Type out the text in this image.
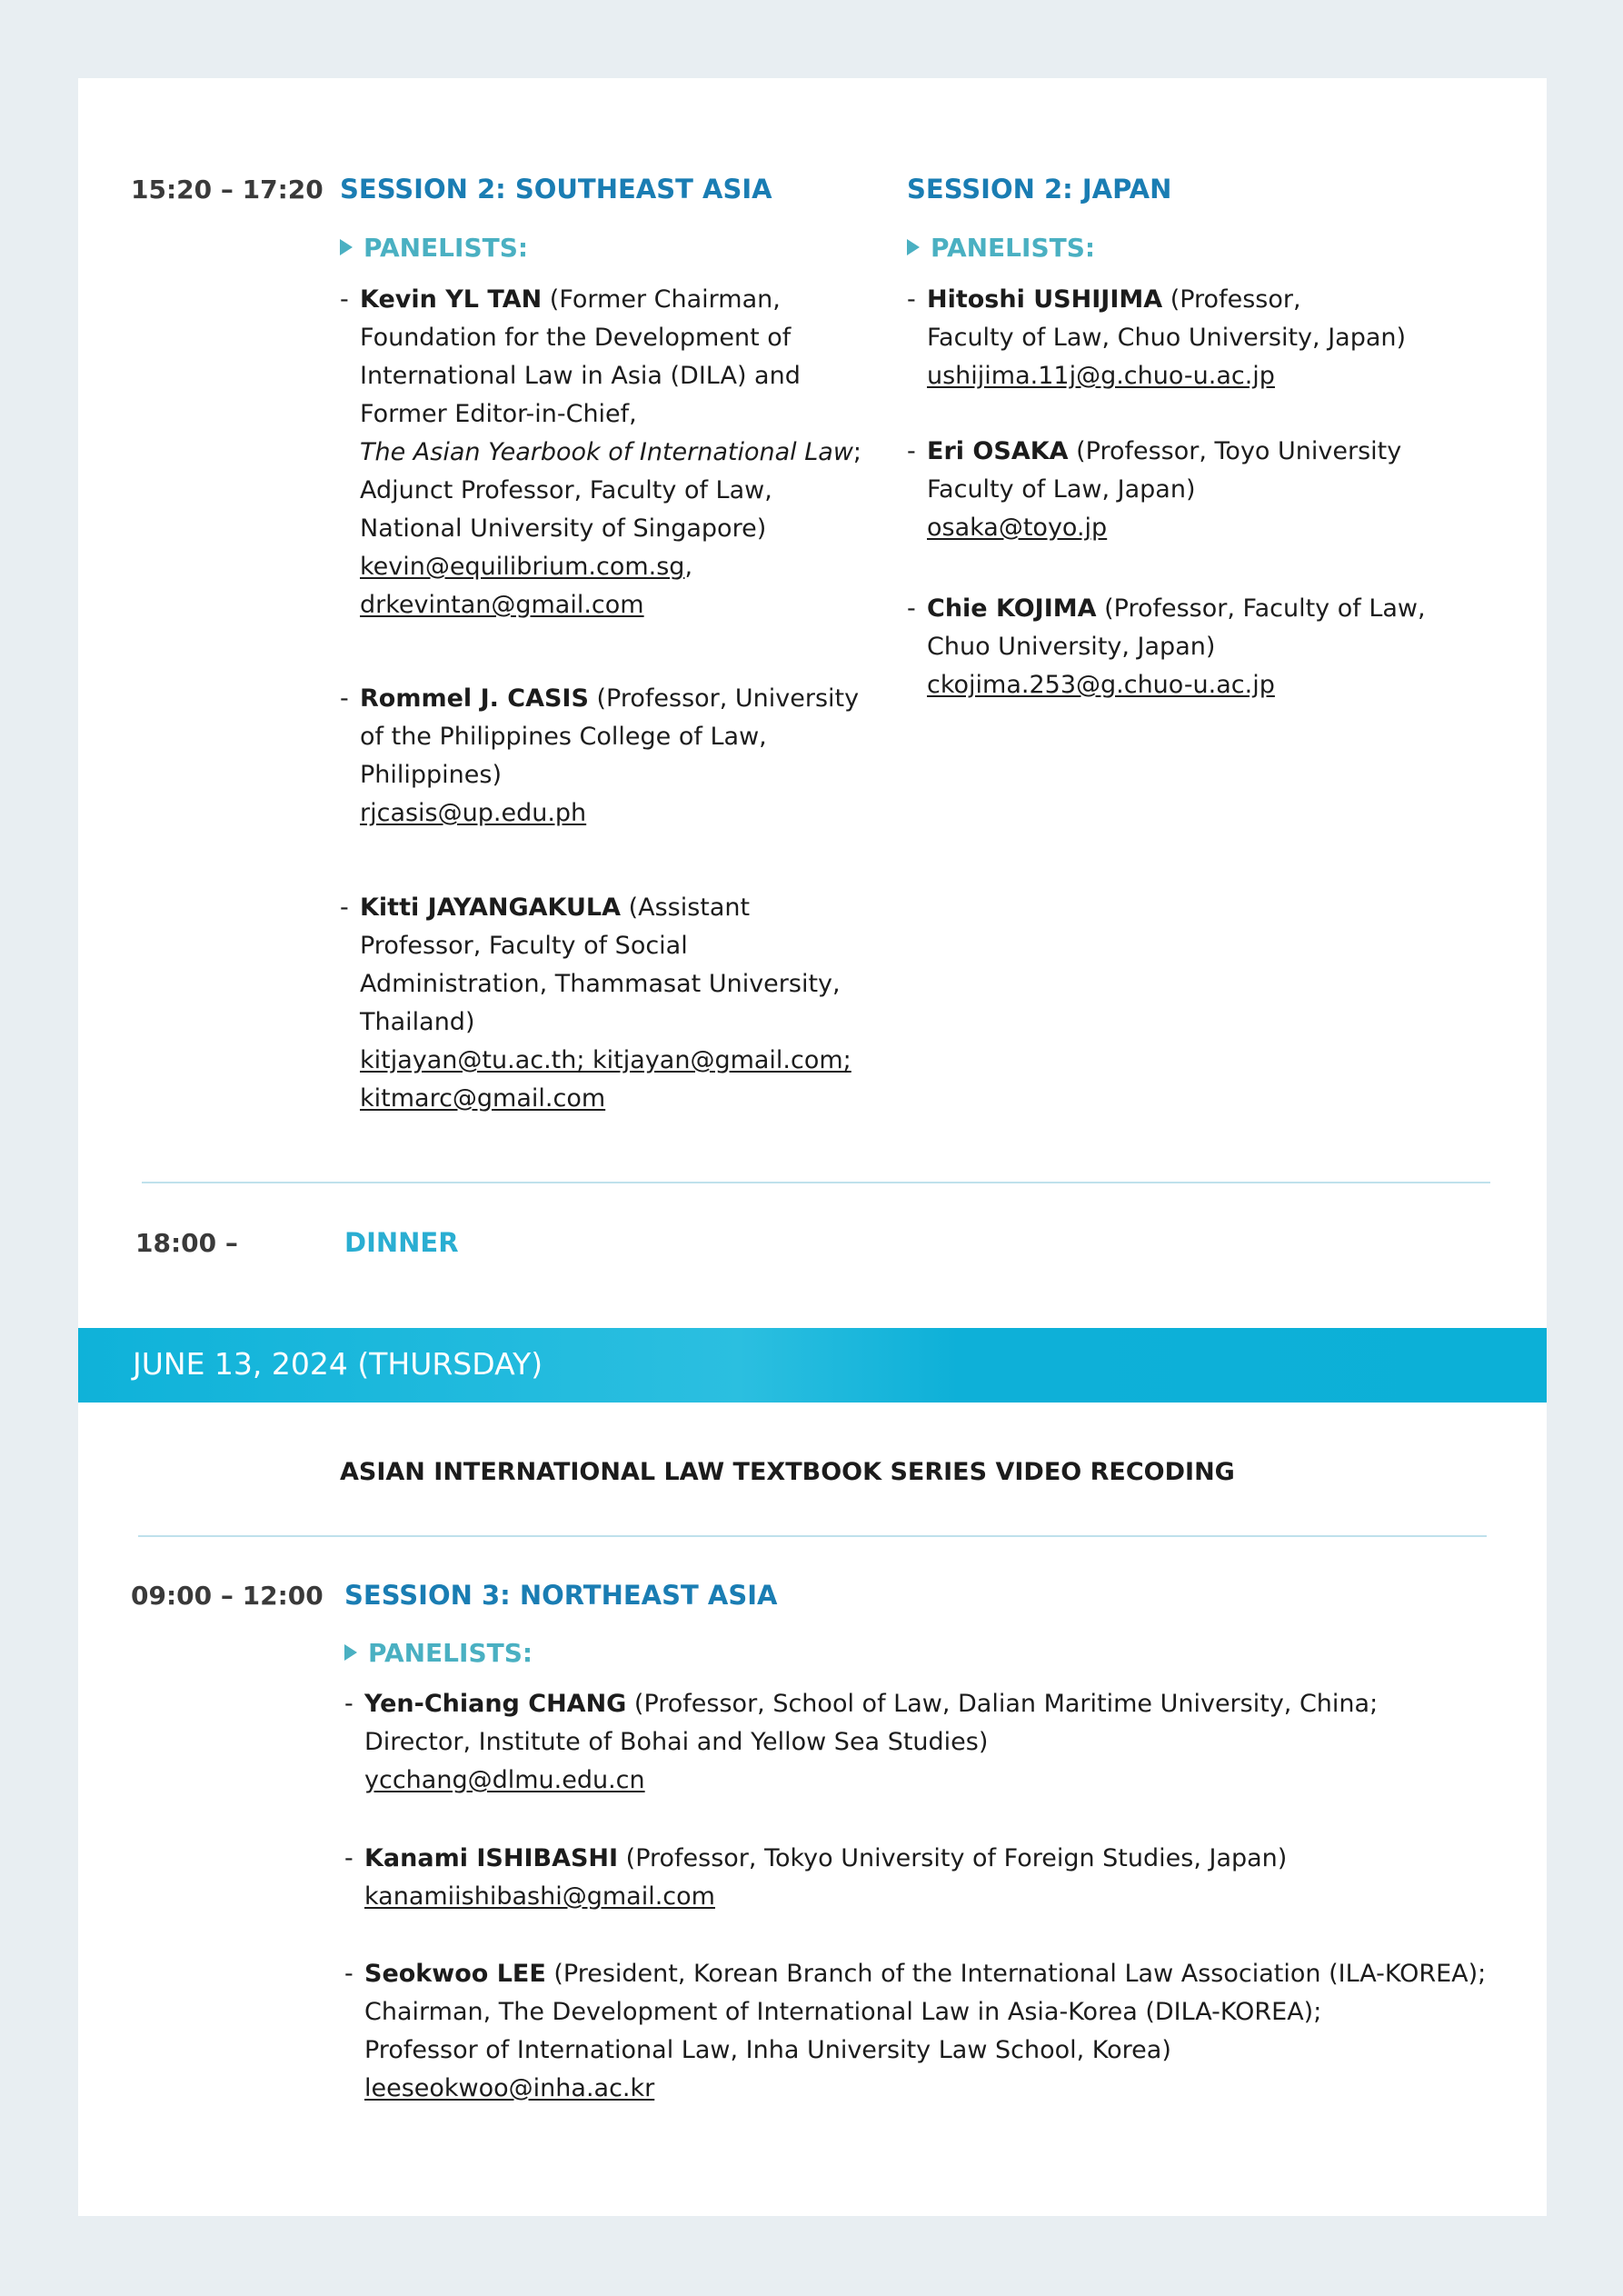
15:20 – 17:20 SESSION 2: SOUTHEAST ASIA
PANELISTS:
- Kevin YL TAN (Former Chairman,
Foundation for the Development of
International Law in Asia (DILA) and
Former Editor-in-Chief,
The Asian Yearbook of International Law;
Adjunct Professor, Faculty of Law,
National University of Singapore)
kevin@equilibrium.com.sg,
drkevintan@gmail.com
- Rommel J. CASIS (Professor, University
of the Philippines College of Law,
Philippines)
rjcasis@up.edu.ph
- Kitti JAYANGAKULA (Assistant
Professor, Faculty of Social
Administration, Thammasat University,
Thailand)
kitjayan@tu.ac.th; kitjayan@gmail.com;
kitmarc@gmail.com
SESSION 2: JAPAN
PANELISTS:
- Hitoshi USHIJIMA (Professor,
Faculty of Law, Chuo University, Japan)
ushijima.11j@g.chuo-u.ac.jp
- Eri OSAKA (Professor, Toyo University
Faculty of Law, Japan)
osaka@toyo.jp
- Chie KOJIMA (Professor, Faculty of Law,
Chuo University, Japan)
ckojima.253@g.chuo-u.ac.jp
18:00 –	DINNER
JUNE 13, 2024 (THURSDAY)
ASIAN INTERNATIONAL LAW TEXTBOOK SERIES VIDEO RECODING
09:00 – 12:00 SESSION 3: NORTHEAST ASIA
PANELISTS:
- Yen-Chiang CHANG (Professor, School of Law, Dalian Maritime University, China;
Director, Institute of Bohai and Yellow Sea Studies)
ycchang@dlmu.edu.cn
- Kanami ISHIBASHI (Professor, Tokyo University of Foreign Studies, Japan)
kanamiishibashi@gmail.com
- Seokwoo LEE (President, Korean Branch of the International Law Association (ILA-KOREA);
Chairman, The Development of International Law in Asia-Korea (DILA-KOREA);
Professor of International Law, Inha University Law School, Korea)
leeseokwoo@inha.ac.kr
